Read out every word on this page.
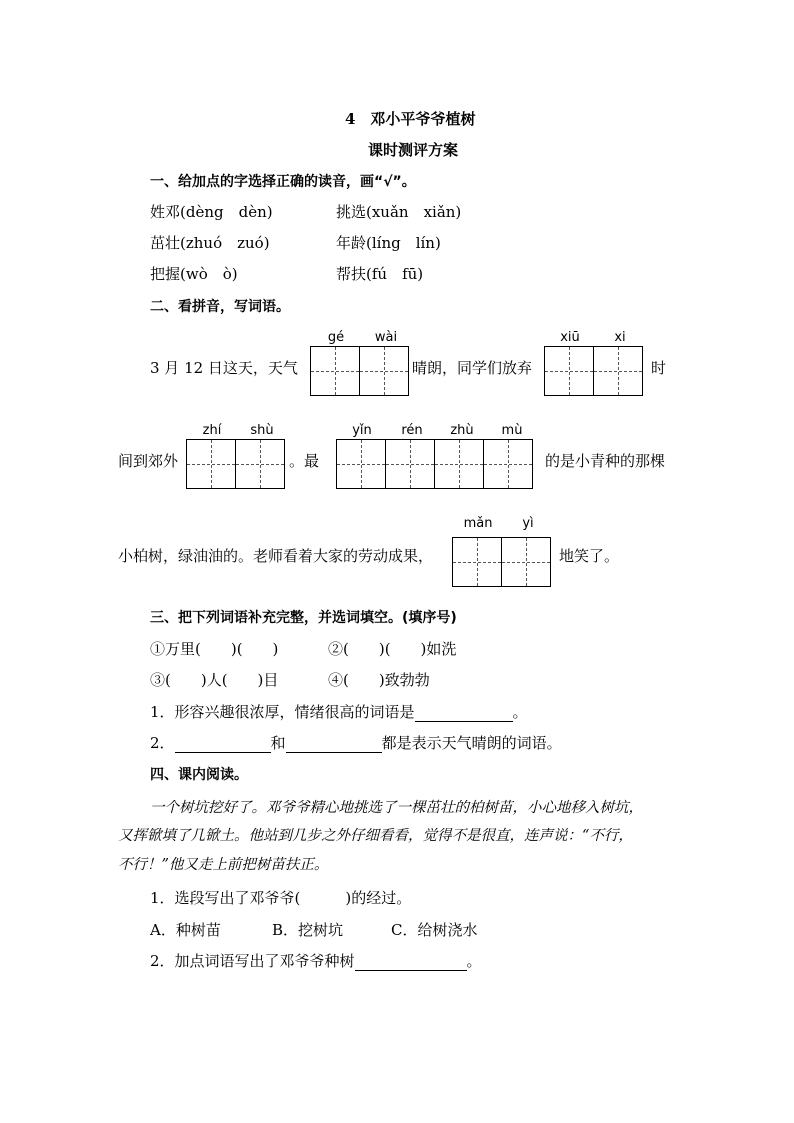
4　邓小平爷爷植树
课时测评方案
一、给加点的字选择正确的读音，画“√”。
姓邓(dèng　dèn)	挑选(xuǎn　xiǎn)
茁壮(zhuó　zuó)	年龄(líng　lín)
把握(wò　ò)	帮扶(fú　fū)
二、看拼音，写词语。
gé	wài	xiū	xi
3 月 12 日这天，天气	晴朗，同学们放弃	时
zhí	shù	yǐn	rén	zhù	mù
间到郊外	。最	的是小青种的那棵
mǎn	yì
小柏树，绿油油的。老师看着大家的劳动成果，	地笑了。
三、把下列词语补充完整，并选词填空。(填序号)
①万里(　　)(　　)	②(　　)(　　)如洗
③(　　)人(　　)目	④(　　)致勃勃
1．形容兴趣很浓厚，情绪很高的词语是	。
2．	和	都是表示天气晴朗的词语。
四、课内阅读。
一个树坑挖好了。邓爷爷精心地挑选了一棵茁壮的柏树苗，小心地移入树坑，
又挥锨填了几锨土。他站到几步之外仔细看看，觉得不是很直，连声说：“不行，
不行！”他又走上前把树苗扶正。
1．选段写出了邓爷爷(　　　)的经过。
A．种树苗	B．挖树坑	C．给树浇水
2．加点词语写出了邓爷爷种树	。
